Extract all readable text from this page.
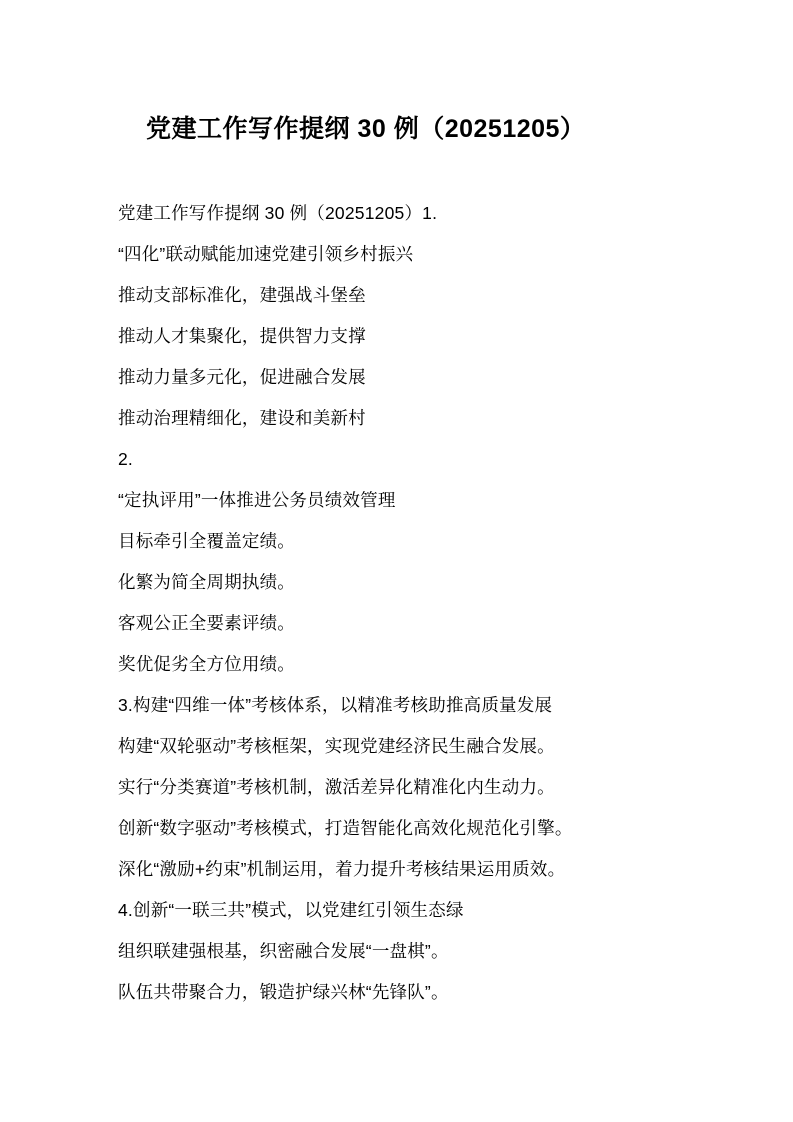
党建工作写作提纲 30 例（20251205）

党建工作写作提纲 30 例（20251205）1.

“四化”联动赋能加速党建引领乡村振兴

推动支部标准化，建强战斗堡垒

推动人才集聚化，提供智力支撑

推动力量多元化，促进融合发展

推动治理精细化，建设和美新村

2.

“定执评用”一体推进公务员绩效管理

目标牵引全覆盖定绩。

化繁为简全周期执绩。

客观公正全要素评绩。

奖优促劣全方位用绩。

3.构建“四维一体”考核体系，以精准考核助推高质量发展

构建“双轮驱动”考核框架，实现党建经济民生融合发展。

实行“分类赛道”考核机制，激活差异化精准化内生动力。

创新“数字驱动”考核模式，打造智能化高效化规范化引擎。

深化“激励+约束”机制运用，着力提升考核结果运用质效。

4.创新“一联三共”模式，以党建红引领生态绿

组织联建强根基，织密融合发展“一盘棋”。

队伍共带聚合力，锻造护绿兴林“先锋队”。
